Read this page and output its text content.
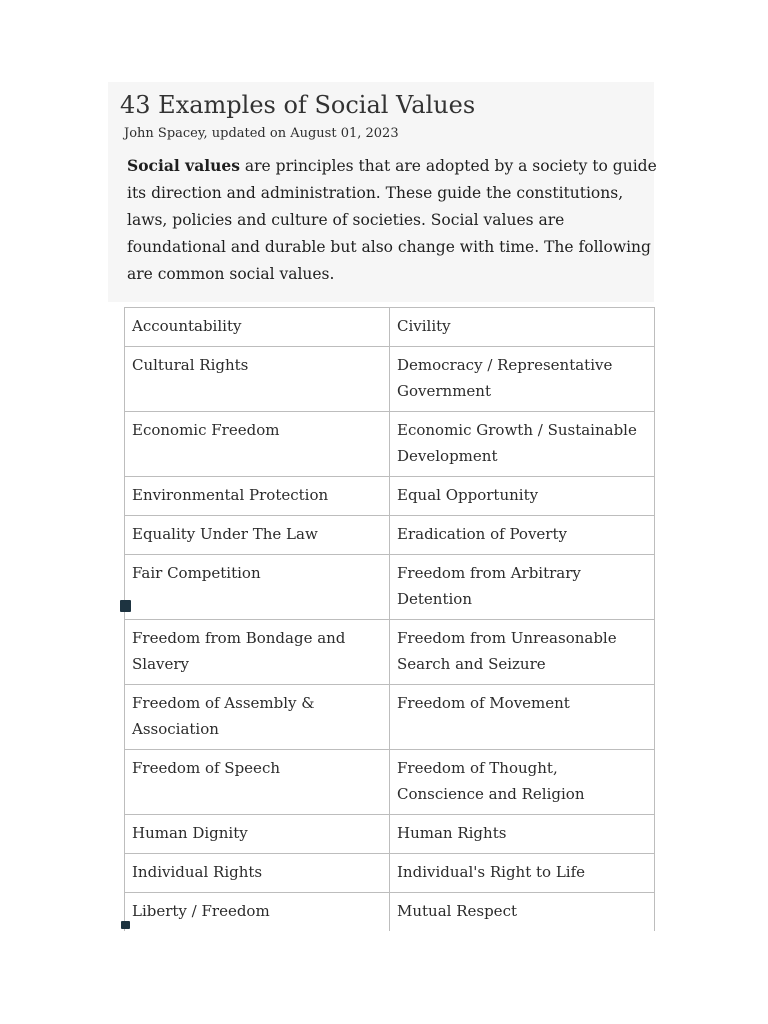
43 Examples of Social Values
John Spacey, updated on August 01, 2023

Social values are principles that are adopted by a society to guide its direction and administration. These guide the constitutions, laws, policies and culture of societies. Social values are foundational and durable but also change with time. The following are common social values.

Accountability	Civility
Cultural Rights	Democracy / Representative Government
Economic Freedom	Economic Growth / Sustainable Development
Environmental Protection	Equal Opportunity
Equality Under The Law	Eradication of Poverty
Fair Competition	Freedom from Arbitrary Detention
Freedom from Bondage and Slavery	Freedom from Unreasonable Search and Seizure
Freedom of Assembly & Association	Freedom of Movement
Freedom of Speech	Freedom of Thought, Conscience and Religion
Human Dignity	Human Rights
Individual Rights	Individual's Right to Life
Liberty / Freedom	Mutual Respect
